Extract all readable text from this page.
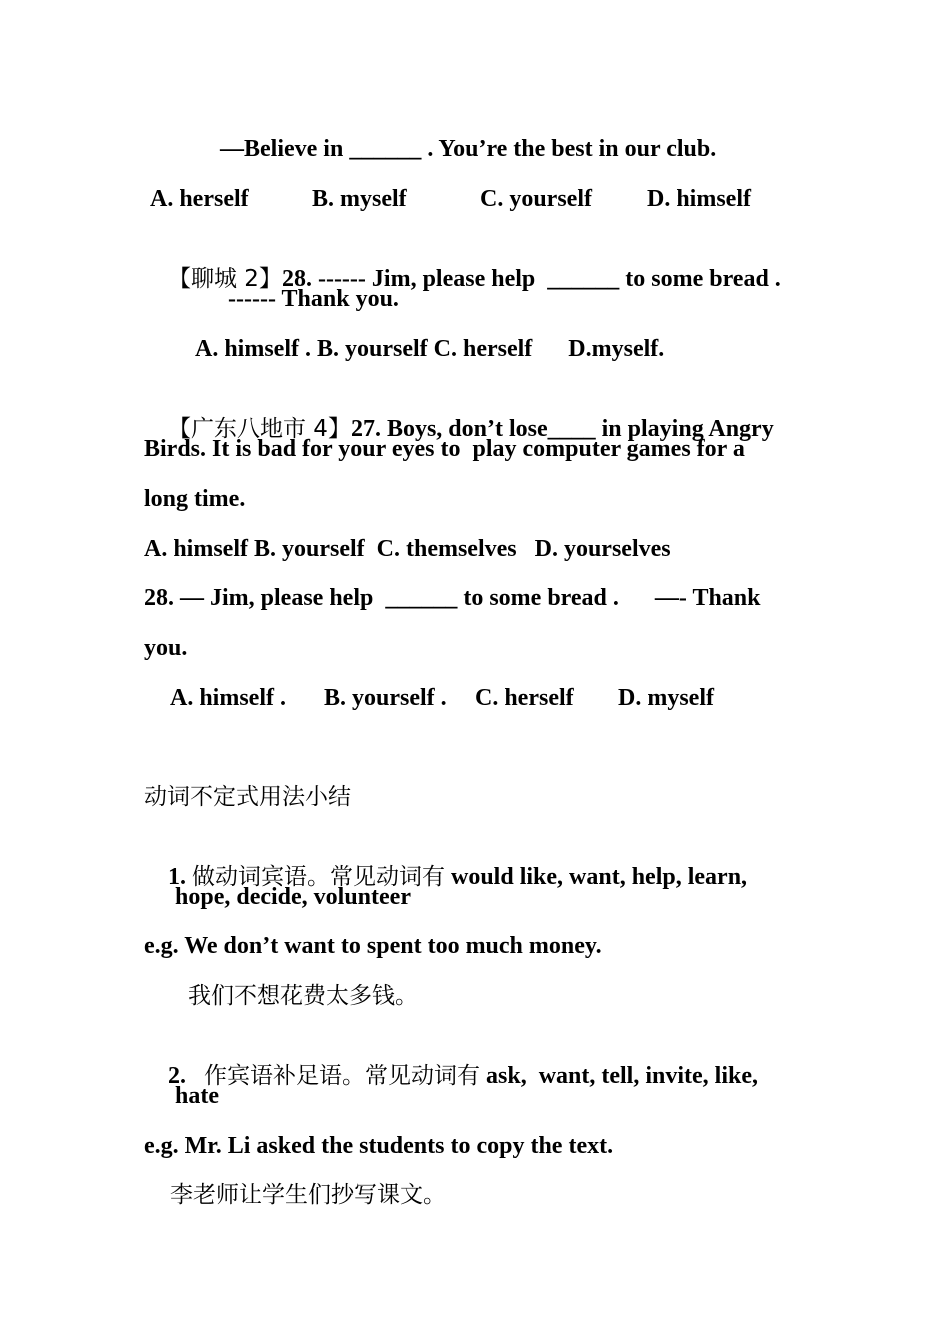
—Believe in ______ . You’re the best in our club.
A. herself	B. myself	C. yourself D. himself

【聊城 2】28. ------ Jim, please help  ______ to some bread .

------ Thank you.
A. himself . B. yourself C. herself      D.myself.

【广东八地市 4】27. Boys, don’t lose____ in playing Angry

Birds. It is bad for your eyes to  play computer games for a
long time.
A. himself B. yourself  C. themselves   D. yourselves
28. — Jim, please help  ______ to some bread .      —- Thank
you.
A. himself . B. yourself . C. herself D. myself
动词不定式用法小结

1. 做动词宾语。常见动词有 would like, want, help, learn,

hope, decide, volunteer
e.g. We don’t want to spent too much money.
我们不想花费太多钱。

2. 作宾语补足语。常见动词有 ask,  want, tell, invite, like,

hate
e.g. Mr. Li asked the students to copy the text.
李老师让学生们抄写课文。
